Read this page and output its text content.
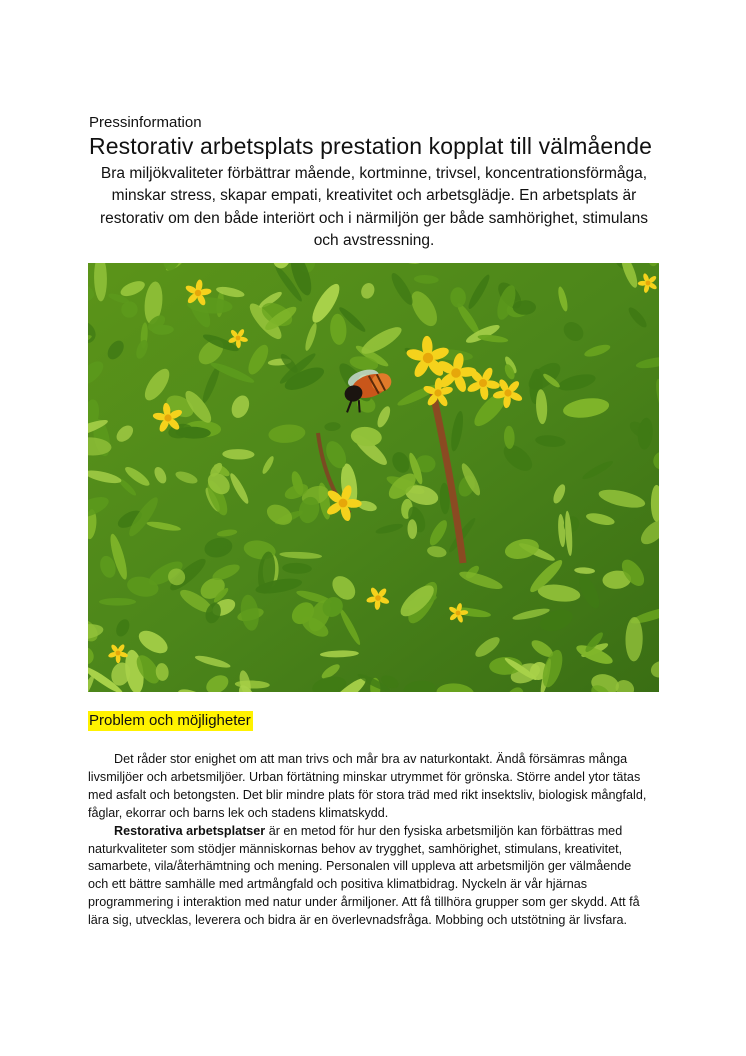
Pressinformation
Restorativ arbetsplats prestation kopplat till välmående
Bra miljökvaliteter förbättrar mående, kortminne, trivsel, koncentrationsförmåga, minskar stress, skapar empati, kreativitet och arbetsglädje. En arbetsplats är restorativ om den både interiört och i närmiljön ger både samhörighet, stimulans och avstressning.
Problem och möjligheter

Det råder stor enighet om att man trivs och mår bra av naturkontakt. Ändå försämras många livsmiljöer och arbetsmiljöer. Urban förtätning minskar utrymmet för grönska. Större andel ytor tätas med asfalt och betongsten. Det blir mindre plats för stora träd med rikt insektsliv, biologisk mångfald, fåglar, ekorrar och barns lek och stadens klimatskydd.

Restorativa arbetsplatser är en metod för hur den fysiska arbetsmiljön kan förbättras med naturkvaliteter som stödjer människornas behov av trygghet, samhörighet, stimulans, kreativitet, samarbete, vila/återhämtning och mening. Personalen vill uppleva att arbetsmiljön ger välmående och ett bättre samhälle med artmångfald och positiva klimatbidrag. Nyckeln är vår hjärnas programmering i interaktion med natur under årmiljoner. Att få tillhöra grupper som ger skydd. Att få lära sig, utvecklas, leverera och bidra är en överlevnadsfråga. Mobbing och utstötning är livsfara.
